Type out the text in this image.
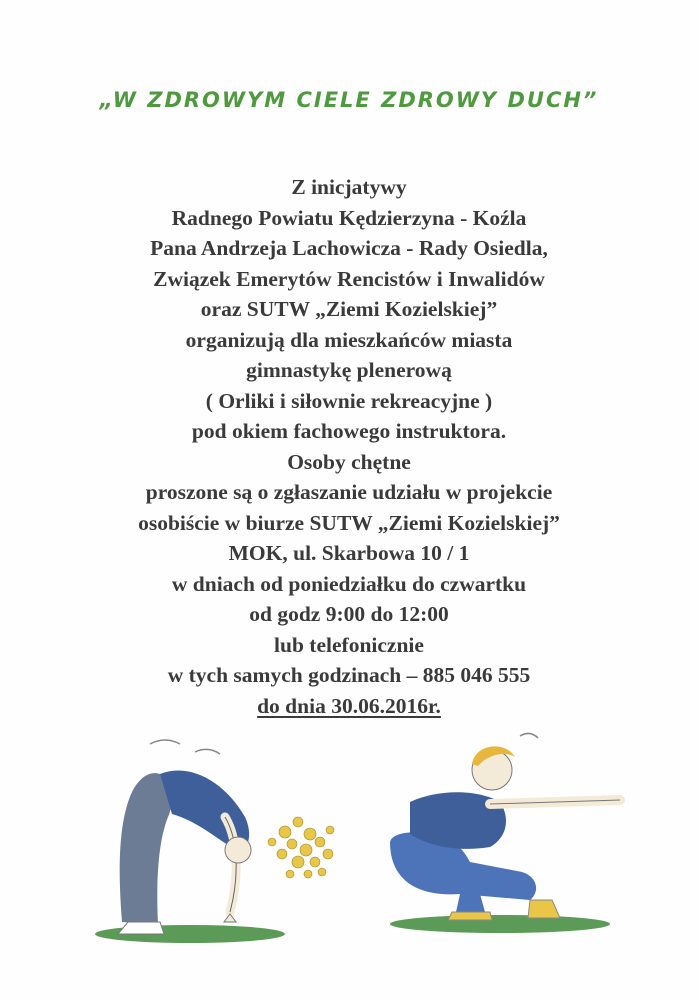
„W ZDROWYM CIELE ZDROWY DUCH”
Z inicjatywy
Radnego Powiatu Kędzierzyna - Koźla
Pana Andrzeja Lachowicza - Rady Osiedla,
Związek Emerytów Rencistów i Inwalidów
oraz SUTW „Ziemi Kozielskiej”
organizują dla mieszkańców miasta
gimnastykę plenerową
( Orliki i siłownie rekreacyjne )
pod okiem fachowego instruktora.
Osoby chętne
proszone są o zgłaszanie udziału w projekcie
osobiście w biurze SUTW „Ziemi Kozielskiej”
MOK, ul. Skarbowa 10 / 1
w dniach od poniedziałku do czwartku
od godz 9:00 do 12:00
lub telefonicznie
w tych samych godzinach – 885 046 555
do dnia 30.06.2016r.
